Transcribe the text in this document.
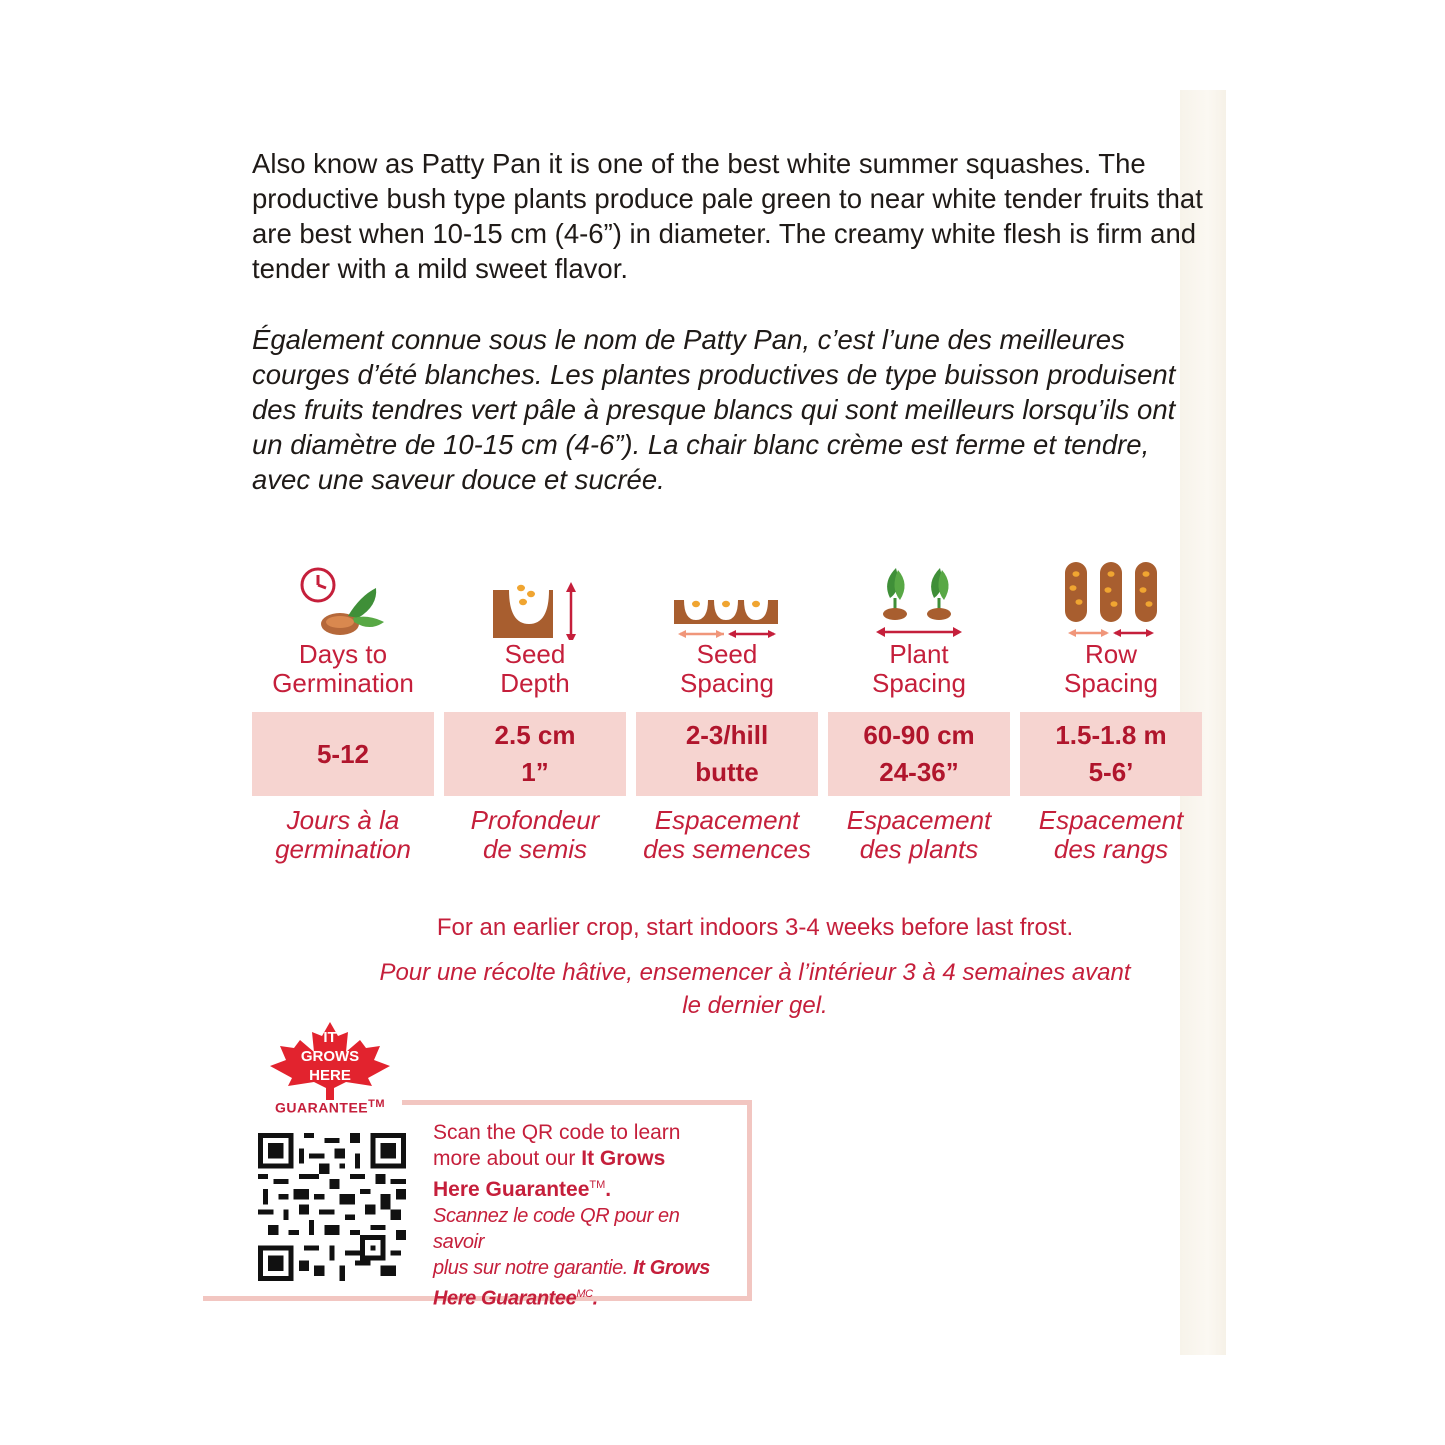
Also know as Patty Pan it is one of the best white summer squashes. The productive bush type plants produce pale green to near white tender fruits that are best when 10-15 cm (4-6”) in diameter. The creamy white flesh is firm and tender with a mild sweet flavor.

Également connue sous le nom de Patty Pan, c’est l’une des meilleures courges d’été blanches. Les plantes productives de type buisson produisent des fruits tendres vert pâle à presque blancs qui sont meilleurs lorsqu’ils ont un diamètre de 10-15 cm (4-6”). La chair blanc crème est ferme et tendre, avec une saveur douce et sucrée.

Days to
Germination
5-12
Jours à la
germination
Seed
Depth
2.5 cm
1”
Profondeur
de semis
Seed
Spacing
2-3/hill
butte
Espacement
des semences
Plant
Spacing
60-90 cm
24-36”
Espacement
des plants
Row
Spacing
1.5-1.8 m
5-6’
Espacement
des rangs
For an earlier crop, start indoors 3-4 weeks before last frost.
Pour une récolte hâtive, ensemencer à l’intérieur 3 à 4 semaines avant
le dernier gel.
IT
GROWS
HERE
GUARANTEE™
Scan the QR code to learn
more about our It Grows
Here Guarantee™.
Scannez le code QR pour en savoir
plus sur notre garantie. It Grows
Here Guarantee$^{MC}$.
